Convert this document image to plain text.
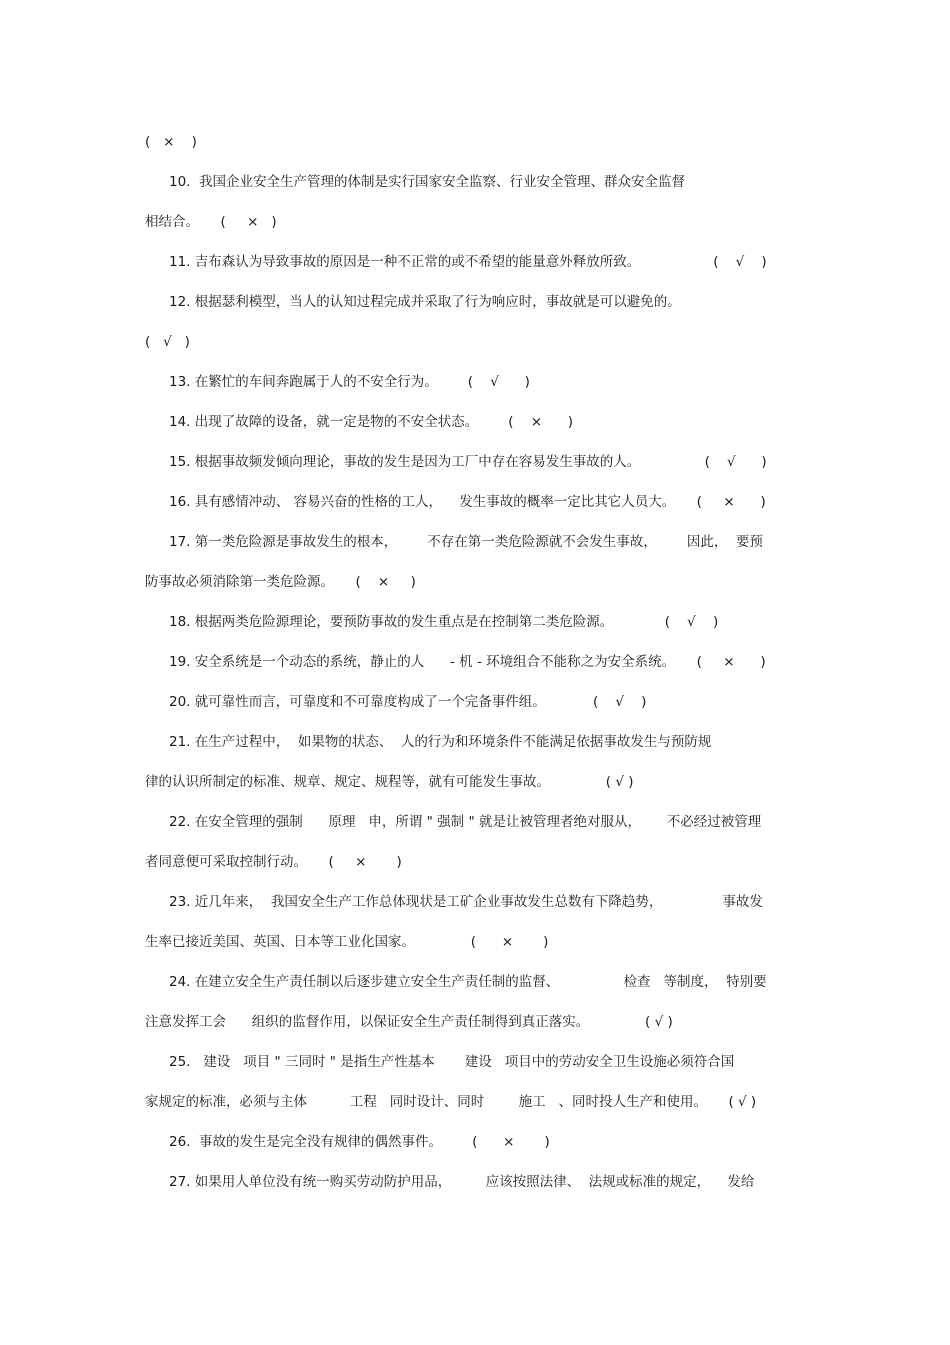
(   ×    )
10.  我国企业安全生产管理的体制是实行国家安全监察、行业安全管理、群众安全监督
相结合。     (     ×   )
11. 吉布森认为导致事故的原因是一种不正常的或不希望的能量意外释放所致。                 (    √    )
12. 根据瑟利模型，当人的认知过程完成并采取了行为响应时，事故就是可以避免的。
(   √   )
13. 在繁忙的车间奔跑属于人的不安全行为。       (    √      )
14. 出现了故障的设备，就一定是物的不安全状态。       (    ×      )
15. 根据事故频发倾向理论，事故的发生是因为工厂中存在容易发生事故的人。               (    √      )
16. 具有感情冲动、 容易兴奋的性格的工人，    发生事故的概率一定比其它人员大。     (     ×      )
17. 第一类危险源是事故发生的根本，       不存在第一类危险源就不会发生事故，       因此，  要预
防事故必须消除第一类危险源。     (    ×     )
18. 根据两类危险源理论，要预防事故的发生重点是在控制第二类危险源。            (    √    )
19. 安全系统是一个动态的系统，静止的人      - 机 - 环境组合不能称之为安全系统。     (     ×      )
20. 就可靠性而言，可靠度和不可靠度构成了一个完备事件组。           (    √    )
21. 在生产过程中，  如果物的状态、  人的行为和环境条件不能满足依据事故发生与预防规
律的认识所制定的标准、规章、规定、规程等，就有可能发生事故。             ( √ )
22. 在安全管理的强制      原理   申，所谓 " 强制 " 就是让被管理者绝对服从，      不必经过被管理
者同意便可采取控制行动。     (     ×       )
23. 近几年来，  我国安全生产工作总体现状是工矿企业事故发生总数有下降趋势，              事故发
生率已接近美国、英国、日本等工业化国家。             (      ×       )
24. 在建立安全生产责任制以后逐步建立安全生产责任制的监督、               检查   等制度，  特别要
注意发挥工会      组织的监督作用，以保证安全生产责任制得到真正落实。             ( √ )
25.   建设   项目 " 三同时 " 是指生产性基本       建设   项目中的劳动安全卫生设施必须符合国
家规定的标准，必须与主体          工程   同时设计、同时        施工   、同时投人生产和使用。     ( √ )
26.  事故的发生是完全没有规律的偶然事件。       (      ×       )
27. 如果用人单位没有统一购买劳动防护用品，        应该按照法律、  法规或标准的规定，    发给
